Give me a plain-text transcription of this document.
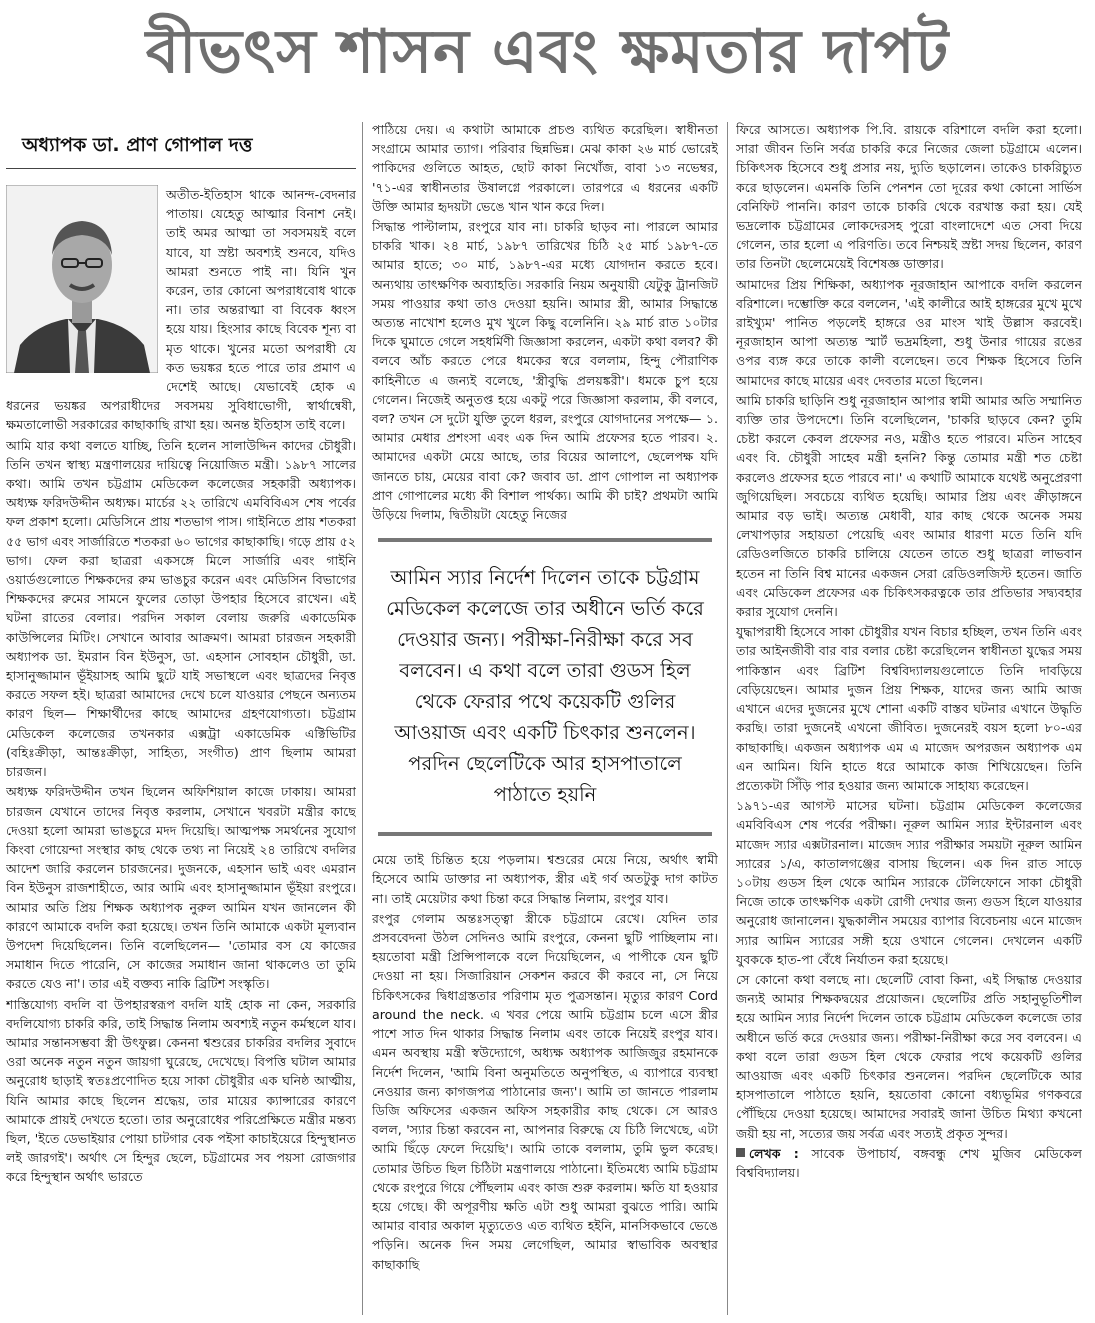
বীভৎস শাসন এবং ক্ষমতার দাপট
অধ্যাপক ডা. প্রাণ গোপাল দত্ত

অতীত-ইতিহাস থাকে আনন্দ-বেদনার পাতায়। যেহেতু আত্মার বিনাশ নেই। তাই অমর আত্মা তা সবসময়ই বলে যাবে, যা স্রষ্টা অবশ্যই শুনবে, যদিও আমরা শুনতে পাই না। যিনি খুন করেন, তার কোনো অপরাধবোধ থাকে না। তার অন্তরাত্মা বা বিবেক ধ্বংস হয়ে যায়। হিংসার কাছে বিবেক শূন্য বা মৃত থাকে। খুনের মতো অপরাধী যে কত ভয়ঙ্কর হতে পারে তার প্রমাণ এ দেশেই আছে। যেভাবেই হোক এ ধরনের ভয়ঙ্কর অপরাধীদের সবসময় সুবিধাভোগী, স্বার্থান্বেষী, ক্ষমতালোভী সরকারের কাছাকাছি রাখা হয়। অনন্ত ইতিহাস তাই বলে।

আমি যার কথা বলতে যাচ্ছি, তিনি হলেন সালাউদ্দিন কাদের চৌধুরী। তিনি তখন স্বাস্থ্য মন্ত্রণালয়ের দায়িত্বে নিয়োজিত মন্ত্রী। ১৯৮৭ সালের কথা। আমি তখন চট্টগ্রাম মেডিকেল কলেজের সহকারী অধ্যাপক। অধ্যক্ষ ফরিদউদ্দীন অধ্যক্ষ। মার্চের ২২ তারিখে এমবিবিএস শেষ পর্বের ফল প্রকাশ হলো। মেডিসিনে প্রায় শতভাগ পাস। গাইনিতে প্রায় শতকরা ৫৫ ভাগ এবং সার্জারিতে শতকরা ৬০ ভাগের কাছাকাছি। গড়ে প্রায় ৫২ ভাগ। ফেল করা ছাত্ররা একসঙ্গে মিলে সার্জারি এবং গাইনি ওয়ার্ডগুলোতে শিক্ষকদের রুম ভাঙচুর করেন এবং মেডিসিন বিভাগের শিক্ষকদের রুমের সামনে ফুলের তোড়া উপহার হিসেবে রাখেন। এই ঘটনা রাতের বেলার। পরদিন সকাল বেলায় জরুরি একাডেমিক কাউন্সিলের মিটিং। সেখানে আবার আক্রমণ। আমরা চারজন সহকারী অধ্যাপক ডা. ইমরান বিন ইউনুস, ডা. এহসান সোবহান চৌধুরী, ডা. হাসানুজ্জামান ভূঁইয়াসহ আমি ছুটে যাই সভাস্থলে এবং ছাত্রদের নিবৃত্ত করতে সফল হই। ছাত্ররা আমাদের দেখে চলে যাওয়ার পেছনে অন্যতম কারণ ছিল— শিক্ষার্থীদের কাছে আমাদের গ্রহণযোগ্যতা। চট্টগ্রাম মেডিকেল কলেজের তখনকার এক্সট্রা একাডেমিক এক্টিভিটির (বহিঃক্রীড়া, আন্তঃক্রীড়া, সাহিত্য, সংগীত) প্রাণ ছিলাম আমরা চারজন।

অধ্যক্ষ ফরিদউদ্দীন তখন ছিলেন অফিশিয়াল কাজে ঢাকায়। আমরা চারজন যেখানে তাদের নিবৃত্ত করলাম, সেখানে খবরটা মন্ত্রীর কাছে দেওয়া হলো আমরা ভাঙচুরে মদদ দিয়েছি। আত্মপক্ষ সমর্থনের সুযোগ কিংবা গোয়েন্দা সংস্থার কাছ থেকে তথ্য না নিয়েই ২৪ তারিখে বদলির আদেশ জারি করলেন চারজনের। দুজনকে, এহসান ভাই এবং এমরান বিন ইউনুস রাজশাহীতে, আর আমি এবং হাসানুজ্জামান ভূঁইয়া রংপুরে। আমার অতি প্রিয় শিক্ষক অধ্যাপক নুরুল আমিন যখন জানলেন কী কারণে আমাকে বদলি করা হয়েছে। তখন তিনি আমাকে একটা মূল্যবান উপদেশ দিয়েছিলেন। তিনি বলেছিলেন— 'তোমার বস যে কাজের সমাধান দিতে পারেনি, সে কাজের সমাধান জানা থাকলেও তা তুমি করতে যেও না'। তার এই বক্তব্য নাকি ব্রিটিশ সংস্কৃতি।

শাস্তিযোগ্য বদলি বা উপহারস্বরূপ বদলি যাই হোক না কেন, সরকারি বদলিযোগ্য চাকরি করি, তাই সিদ্ধান্ত নিলাম অবশ্যই নতুন কর্মস্থলে যাব। আমার সন্তানসম্ভবা স্ত্রী উৎফুল্ল। কেননা শ্বশুরের চাকরির বদলির সুবাদে ওরা অনেক নতুন নতুন জায়গা ঘুরেছে, দেখেছে। বিপত্তি ঘটাল আমার অনুরোধ ছাড়াই স্বতঃপ্রণোদিত হয়ে সাকা চৌধুরীর এক ঘনিষ্ঠ আত্মীয়, যিনি আমার কাছে ছিলেন শ্রদ্ধেয়, তার মায়ের ক্যান্সারের কারণে আমাকে প্রায়ই দেখতে হতো। তার অনুরোধের পরিপ্রেক্ষিতে মন্ত্রীর মন্তব্য ছিল, 'ইতে ডেভাইয়ার পোয়া চাটগার বেক পইসা কাচাইয়েরে হিন্দুস্থানত লই জারগই'। অর্থাৎ সে হিন্দুর ছেলে, চট্টগ্রামের সব পয়সা রোজগার করে হিন্দুস্থান অর্থাৎ ভারতে

পাঠিয়ে দেয়। এ কথাটা আমাকে প্রচণ্ড ব্যথিত করেছিল। স্বাধীনতা সংগ্রামে আমার ত্যাগ। পরিবার ছিন্নভিন্ন। মেঝ কাকা ২৬ মার্চ ভোরেই পাকিদের গুলিতে আহত, ছোট কাকা নিখোঁজ, বাবা ১৩ নভেম্বর, '৭১-এর স্বাধীনতার উষালগ্নে পরকালে। তারপরে এ ধরনের একটি উক্তি আমার হৃদয়টা ভেঙে খান খান করে দিল।

সিদ্ধান্ত পাল্টালাম, রংপুরে যাব না। চাকরি ছাড়ব না। পারলে আমার চাকরি খাক। ২৪ মার্চ, ১৯৮৭ তারিখের চিঠি ২৫ মার্চ ১৯৮৭-তে আমার হাতে; ৩০ মার্চ, ১৯৮৭-এর মধ্যে যোগদান করতে হবে। অন্যথায় তাৎক্ষণিক অব্যাহতি। সরকারি নিয়ম অনুযায়ী যেটুকু ট্রানজিট সময় পাওয়ার কথা তাও দেওয়া হয়নি। আমার স্ত্রী, আমার সিদ্ধান্তে অত্যন্ত নাখোশ হলেও মুখ খুলে কিছু বলেনিনি। ২৯ মার্চ রাত ১০টার দিকে ঘুমাতে গেলে সহধর্মিণী জিজ্ঞাসা করলেন, একটা কথা বলব? কী বলবে আঁচ করতে পেরে ধমকের স্বরে বললাম, হিন্দু পৌরাণিক কাহিনীতে এ জন্যই বলেছে, 'স্ত্রীবুদ্ধি প্রলয়ঙ্করী'। ধমকে চুপ হয়ে গেলেন। নিজেই অনুতপ্ত হয়ে একটু পরে জিজ্ঞাসা করলাম, কী বলবে, বল? তখন সে দুটো যুক্তি তুলে ধরল, রংপুরে যোগদানের সপক্ষে— ১. আমার মেধার প্রশংসা এবং এক দিন আমি প্রফেসর হতে পারব। ২. আমাদের একটা মেয়ে আছে, তার বিয়ের আলাপে, ছেলেপক্ষ যদি জানতে চায়, মেয়ের বাবা কে? জবাব ডা. প্রাণ গোপাল না অধ্যাপক প্রাণ গোপালের মধ্যে কী বিশাল পার্থক্য। আমি কী চাই? প্রথমটা আমি উড়িয়ে দিলাম, দ্বিতীয়টা যেহেতু নিজের

আমিন স্যার নির্দেশ দিলেন তাকে চট্টগ্রাম মেডিকেল কলেজে তার অধীনে ভর্তি করে দেওয়ার জন্য। পরীক্ষা-নিরীক্ষা করে সব বলবেন। এ কথা বলে তারা গুডস হিল থেকে ফেরার পথে কয়েকটি গুলির আওয়াজ এবং একটি চিৎকার শুনলেন। পরদিন ছেলেটিকে আর হাসপাতালে পাঠাতে হয়নি

মেয়ে তাই চিন্তিত হয়ে পড়লাম। শ্বশুরের মেয়ে নিয়ে, অর্থাৎ স্বামী হিসেবে আমি ডাক্তার না অধ্যাপক, স্ত্রীর এই গর্ব অতটুকু দাগ কাটত না। তাই মেয়েটার কথা চিন্তা করে সিদ্ধান্ত নিলাম, রংপুর যাব।

রংপুর গেলাম অন্তঃসত্ত্বা স্ত্রীকে চট্টগ্রামে রেখে। যেদিন তার প্রসববেদনা উঠল সেদিনও আমি রংপুরে, কেননা ছুটি পাচ্ছিলাম না। হয়তোবা মন্ত্রী প্রিন্সিপালকে বলে দিয়েছিলেন, এ পাপীকে যেন ছুটি দেওয়া না হয়। সিজারিয়ান সেকশন করবে কী করবে না, সে নিয়ে চিকিৎসকের দ্বিধাগ্রস্ততার পরিণাম মৃত পুত্রসন্তান। মৃত্যুর কারণ Cord around the neck. এ খবর পেয়ে আমি চট্টগ্রাম চলে এসে স্ত্রীর পাশে সাত দিন থাকার সিদ্ধান্ত নিলাম এবং তাকে নিয়েই রংপুর যাব। এমন অবস্থায় মন্ত্রী স্বউদ্যোগে, অধ্যক্ষ অধ্যাপক আজিজুর রহমানকে নির্দেশ দিলেন, 'আমি বিনা অনুমতিতে অনুপস্থিত, এ ব্যাপারে ব্যবস্থা নেওয়ার জন্য কাগজপত্র পাঠানোর জন্য'। আমি তা জানতে পারলাম ডিজি অফিসের একজন অফিস সহকারীর কাছ থেকে। সে আরও বলল, 'স্যার চিন্তা করবেন না, আপনার বিরুদ্ধে যে চিঠি লিখেছে, এটা আমি ছিঁড়ে ফেলে দিয়েছি'। আমি তাকে বললাম, তুমি ভুল করেছ। তোমার উচিত ছিল চিঠিটা মন্ত্রণালয়ে পাঠানো। ইতিমধ্যে আমি চট্টগ্রাম থেকে রংপুরে গিয়ে পৌঁছলাম এবং কাজ শুরু করলাম। ক্ষতি যা হওয়ার হয়ে গেছে। কী অপূরণীয় ক্ষতি এটা শুধু আমরা বুঝতে পারি। আমি আমার বাবার অকাল মৃত্যুতেও এত ব্যথিত হইনি, মানসিকভাবে ভেঙে পড়িনি। অনেক দিন সময় লেগেছিল, আমার স্বাভাবিক অবস্থার কাছাকাছি

ফিরে আসতে। অধ্যাপক পি.বি. রায়কে বরিশালে বদলি করা হলো। সারা জীবন তিনি সর্বত্র চাকরি করে নিজের জেলা চট্টগ্রামে এলেন। চিকিৎসক হিসেবে শুধু প্রসার নয়, দ্যুতি ছড়ালেন। তাকেও চাকরিচ্যুত করে ছাড়লেন। এমনকি তিনি পেনশন তো দূরের কথা কোনো সার্ভিস বেনিফিট পাননি। কারণ তাকে চাকরি থেকে বরখাস্ত করা হয়। যেই ভদ্রলোক চট্টগ্রামের লোকদেরসহ পুরো বাংলাদেশে এত সেবা দিয়ে গেলেন, তার হলো এ পরিণতি। তবে নিশ্চয়ই স্রষ্টা সদয় ছিলেন, কারণ তার তিনটা ছেলেমেয়েই বিশেষজ্ঞ ডাক্তার।

আমাদের প্রিয় শিক্ষিকা, অধ্যাপক নূরজাহান আপাকে বদলি করলেন বরিশালে। দম্ভোক্তি করে বললেন, 'এই কালীরে আই হাঙ্গরের মুখে মুখে রাইখ্যুম' পানিত পড়লেই হাঙ্গরে ওর মাংস খাই উল্লাস করবেই। নূরজাহান আপা অত্যন্ত স্মার্ট ভদ্রমহিলা, শুধু উনার গায়ের রঙের ওপর ব্যঙ্গ করে তাকে কালী বলেছেন। তবে শিক্ষক হিসেবে তিনি আমাদের কাছে মায়ের এবং দেবতার মতো ছিলেন।

আমি চাকরি ছাড়িনি শুধু নূরজাহান আপার স্বামী আমার অতি সম্মানিত ব্যক্তি তার উপদেশে। তিনি বলেছিলেন, 'চাকরি ছাড়বে কেন? তুমি চেষ্টা করলে কেবল প্রফেসর নও, মন্ত্রীও হতে পারবে। মতিন সাহেব এবং বি. চৌধুরী সাহেব মন্ত্রী হননি? কিন্তু তোমার মন্ত্রী শত চেষ্টা করলেও প্রফেসর হতে পারবে না।' এ কথাটি আমাকে যথেষ্ট অনুপ্রেরণা জুগিয়েছিল। সবচেয়ে ব্যথিত হয়েছি। আমার প্রিয় এবং ক্রীড়াঙ্গনে আমার বড় ভাই। অত্যন্ত মেধাবী, যার কাছ থেকে অনেক সময় লেখাপড়ার সহায়তা পেয়েছি এবং আমার ধারণা মতে তিনি যদি রেডিওলজিতে চাকরি চালিয়ে যেতেন তাতে শুধু ছাত্ররা লাভবান হতেন না তিনি বিশ্ব মানের একজন সেরা রেডিওলজিস্ট হতেন। জাতি এবং মেডিকেল প্রফেসর এক চিকিৎসকরত্নকে তার প্রতিভার সদ্ব্যবহার করার সুযোগ দেননি।

যুদ্ধাপরাধী হিসেবে সাকা চৌধুরীর যখন বিচার হচ্ছিল, তখন তিনি এবং তার আইনজীবী বার বার বলার চেষ্টা করেছিলেন স্বাধীনতা যুদ্ধের সময় পাকিস্তান এবং ব্রিটিশ বিশ্ববিদ্যালয়গুলোতে তিনি দাবড়িয়ে বেড়িয়েছেন। আমার দুজন প্রিয় শিক্ষক, যাদের জন্য আমি আজ এখানে এদের দুজনের মুখে শোনা একটি বাস্তব ঘটনার এখানে উদ্ধৃতি করছি। তারা দুজনেই এখনো জীবিত। দুজনেরই বয়স হলো ৮০-এর কাছাকাছি। একজন অধ্যাপক এম এ মাজেদ অপরজন অধ্যাপক এম এন আমিন। যিনি হাতে ধরে আমাকে কাজ শিখিয়েছেন। তিনি প্রত্যেকটা সিঁড়ি পার হওয়ার জন্য আমাকে সাহায্য করেছেন।

১৯৭১-এর আগস্ট মাসের ঘটনা। চট্টগ্রাম মেডিকেল কলেজের এমবিবিএস শেষ পর্বের পরীক্ষা। নূরুল আমিন স্যার ইন্টারনাল এবং মাজেদ স্যার এক্সটারনাল। মাজেদ স্যার পরীক্ষার সময়টা নূরুল আমিন স্যারের ১/এ, কাতালগঞ্জের বাসায় ছিলেন। এক দিন রাত সাড়ে ১০টায় গুডস হিল থেকে আমিন স্যারকে টেলিফোনে সাকা চৌধুরী নিজে তাকে তাৎক্ষণিক একটা রোগী দেখার জন্য গুডস হিলে যাওয়ার অনুরোধ জানালেন। যুদ্ধকালীন সময়ের ব্যাপার বিবেচনায় এনে মাজেদ স্যার আমিন স্যারের সঙ্গী হয়ে ওখানে গেলেন। দেখলেন একটি যুবককে হাত-পা বেঁধে নির্যাতন করা হয়েছে।

সে কোনো কথা বলছে না। ছেলেটি বোবা কিনা, এই সিদ্ধান্ত দেওয়ার জন্যই আমার শিক্ষকদ্বয়ের প্রয়োজন। ছেলেটির প্রতি সহানুভূতিশীল হয়ে আমিন স্যার নির্দেশ দিলেন তাকে চট্টগ্রাম মেডিকেল কলেজে তার অধীনে ভর্তি করে দেওয়ার জন্য। পরীক্ষা-নিরীক্ষা করে সব বলবেন। এ কথা বলে তারা গুডস হিল থেকে ফেরার পথে কয়েকটি গুলির আওয়াজ এবং একটি চিৎকার শুনলেন। পরদিন ছেলেটিকে আর হাসপাতালে পাঠাতে হয়নি, হয়তোবা কোনো বধ্যভূমির গণকবরে পৌঁছিয়ে দেওয়া হয়েছে। আমাদের সবারই জানা উচিত মিথ্যা কখনো জয়ী হয় না, সত্যের জয় সর্বত্র এবং সত্যই প্রকৃত সুন্দর।

লেখক : সাবেক উপাচার্য, বঙ্গবন্ধু শেখ মুজিব মেডিকেল বিশ্ববিদ্যালয়।
